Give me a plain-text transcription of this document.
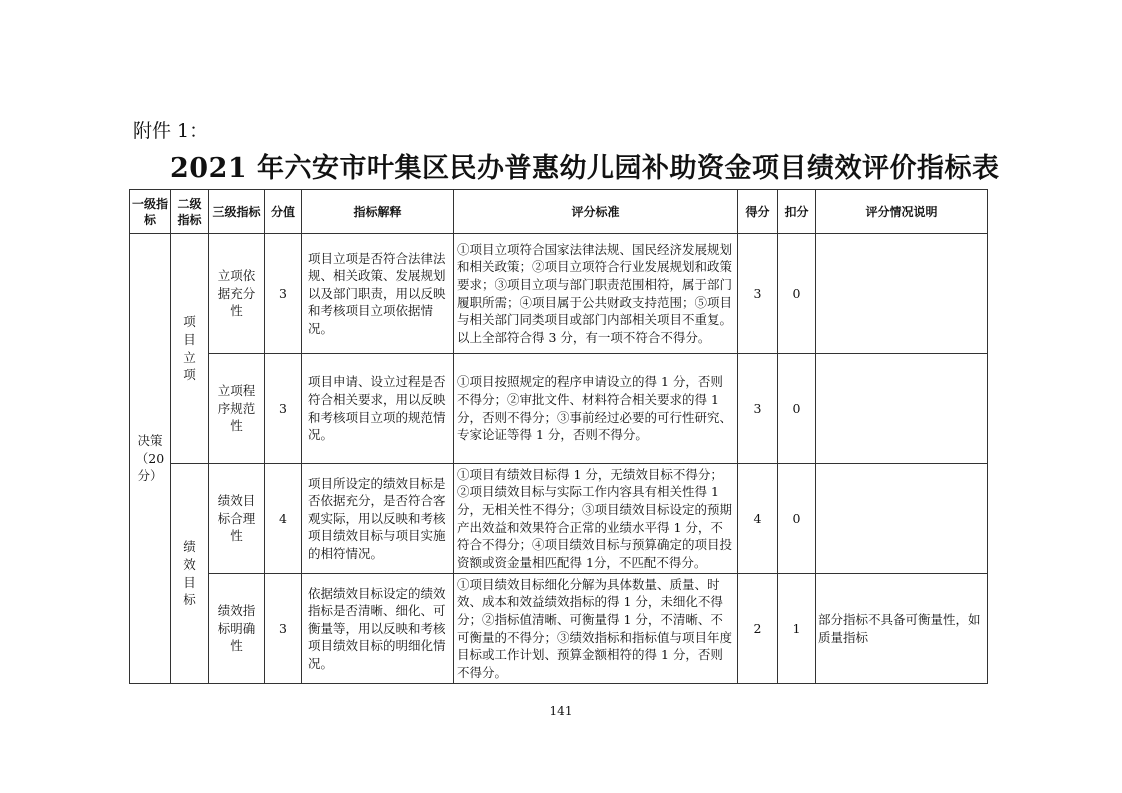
附件 1：
2021 年六安市叶集区民办普惠幼儿园补助资金项目绩效评价指标表
一级指标	二级指标	三级指标	分值	指标解释	评分标准	得分	扣分	评分情况说明
决策（20分）	项目立项	立项依据充分性	3	项目立项是否符合法律法规、相关政策、发展规划以及部门职责，用以反映和考核项目立项依据情况。	①项目立项符合国家法律法规、国民经济发展规划和相关政策；②项目立项符合行业发展规划和政策要求；③项目立项与部门职责范围相符，属于部门履职所需；④项目属于公共财政支持范围；⑤项目与相关部门同类项目或部门内部相关项目不重复。以上全部符合得 3 分，有一项不符合不得分。	3	0	
		立项程序规范性	3	项目申请、设立过程是否符合相关要求，用以反映和考核项目立项的规范情况。	①项目按照规定的程序申请设立的得 1 分，否则不得分；②审批文件、材料符合相关要求的得 1 分，否则不得分；③事前经过必要的可行性研究、专家论证等得 1 分，否则不得分。	3	0	
	绩效目标	绩效目标合理性	4	项目所设定的绩效目标是否依据充分，是否符合客观实际，用以反映和考核项目绩效目标与项目实施的相符情况。	①项目有绩效目标得 1 分，无绩效目标不得分；②项目绩效目标与实际工作内容具有相关性得 1 分，无相关性不得分；③项目绩效目标设定的预期产出效益和效果符合正常的业绩水平得 1 分，不符合不得分；④项目绩效目标与预算确定的项目投资额或资金量相匹配得 1分，不匹配不得分。	4	0	
		绩效指标明确性	3	依据绩效目标设定的绩效指标是否清晰、细化、可衡量等，用以反映和考核项目绩效目标的明细化情况。	①项目绩效目标细化分解为具体数量、质量、时效、成本和效益绩效指标的得 1 分，未细化不得分；②指标值清晰、可衡量得 1 分，不清晰、不可衡量的不得分；③绩效指标和指标值与项目年度目标或工作计划、预算金额相符的得 1 分，否则不得分。	2	1	部分指标不具备可衡量性，如质量指标
141
